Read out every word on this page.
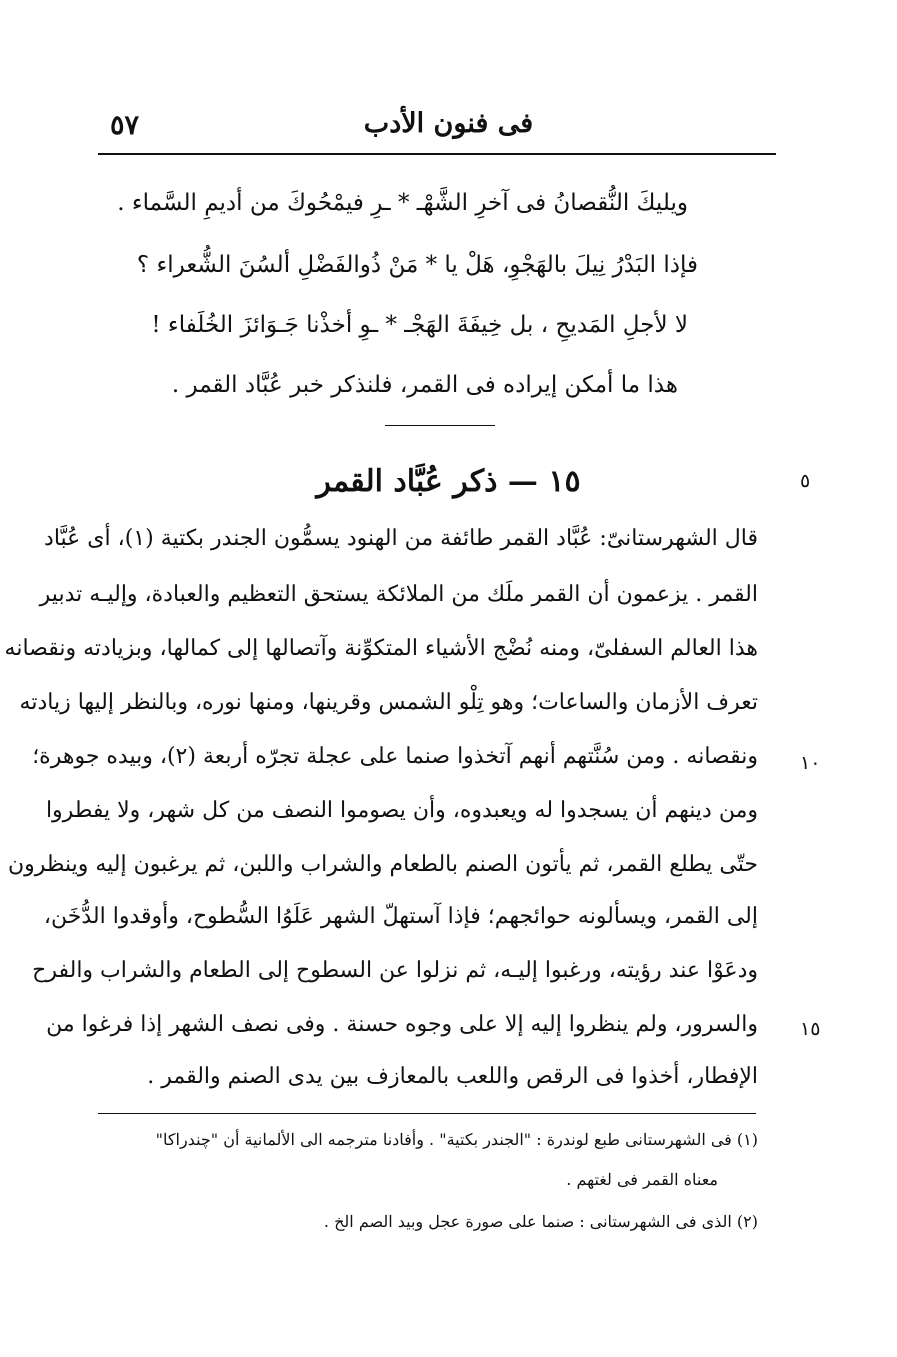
٥٧	فى فنون الأدب
ويليكَ النُّقصانُ فى آخرِ الشَّهْـ * ـرِ فيمْحُوكَ من أديمِ السَّماء .
فإذا البَدْرُ نِيلَ بالهَجْوِ، هَلْ يا * مَنْ ذُوالفَضْلِ ألسُنَ الشُّعراء ؟
لا لأجلِ المَديحِ ، بل خِيفَةَ الهَجْـ * ـوِ أخذْنا جَـوَائزَ الخُلَفاء !
هذا ما أمكن إيراده فى القمر، فلنذكر خبر عُبَّاد القمر .
١٥ — ذكر عُبَّاد القمر	٥
قال الشهرستانىّ: عُبَّاد القمر طائفة من الهنود يسمُّون الجندر بكتية (١)، أى عُبَّاد
القمر . يزعمون أن القمر ملَك من الملائكة يستحق التعظيم والعبادة، وإليـه تدبير
هذا العالم السفلىّ، ومنه نُضْج الأشياء المتكوِّنة وآتصالها إلى كمالها، وبزيادته ونقصانه
تعرف الأزمان والساعات؛ وهو تِلْو الشمس وقرينها، ومنها نوره، وبالنظر إليها زيادته
ونقصانه . ومن سُنَّتهم أنهم آتخذوا صنما على عجلة تجرّه أربعة (٢)، وبيده جوهرة؛
ومن دينهم أن يسجدوا له ويعبدوه، وأن يصوموا النصف من كل شهر، ولا يفطروا
حتّى يطلع القمر، ثم يأتون الصنم بالطعام والشراب واللبن، ثم يرغبون إليه وينظرون
إلى القمر، ويسألونه حوائجهم؛ فإذا آستهلّ الشهر عَلَوُا السُّطوح، وأوقدوا الدُّخَن،
ودعَوْا عند رؤيته، ورغبوا إليـه، ثم نزلوا عن السطوح إلى الطعام والشراب والفرح
والسرور، ولم ينظروا إليه إلا على وجوه حسنة . وفى نصف الشهر إذا فرغوا من
الإفطار، أخذوا فى الرقص واللعب بالمعازف بين يدى الصنم والقمر .
١٠
١٥
(١) فى الشهرستانى طبع لوندرة : "الجندر بكتية" . وأفادنا مترجمه الى الألمانية أن "چندراكا"
معناه القمر فى لغتهم .
(٢) الذى فى الشهرستانى : صنما على صورة عجل وبيد الصم الخ .
